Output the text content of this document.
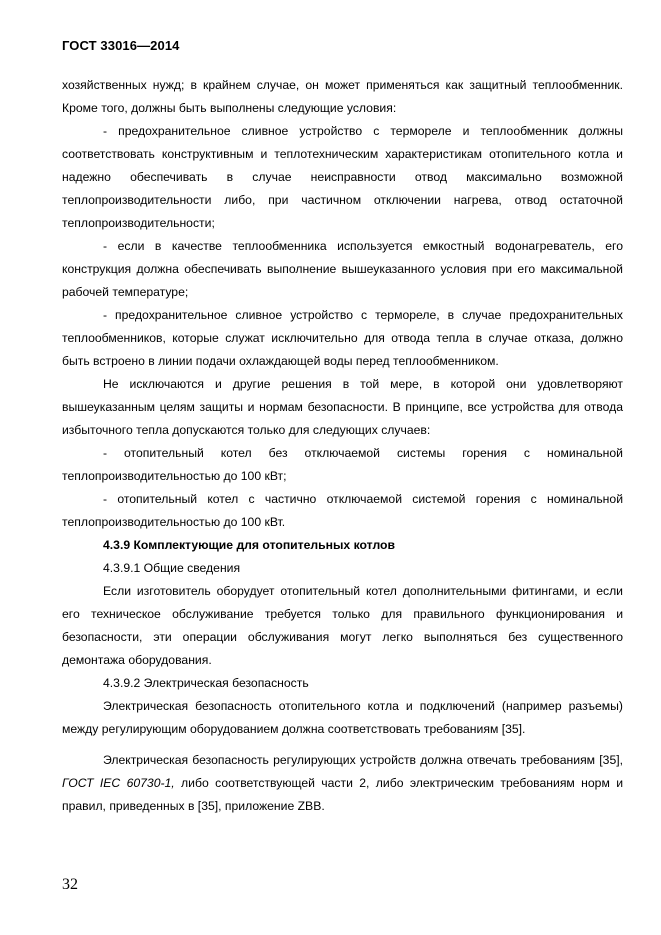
ГОСТ 33016—2014

хозяйственных нужд; в крайнем случае, он может применяться как защитный теплообменник. Кроме того, должны быть выполнены следующие условия:

- предохранительное сливное устройство с термореле и теплообменник должны соответствовать конструктивным и теплотехническим характеристикам отопительного котла и надежно обеспечивать в случае неисправности отвод максимально возможной теплопроизводительности либо, при частичном отключении нагрева, отвод остаточной теплопроизводительности;

- если в качестве теплообменника используется емкостный водонагреватель, его конструкция должна обеспечивать выполнение вышеуказанного условия при его максимальной рабочей температуре;

- предохранительное сливное устройство с термореле, в случае предохранительных теплообменников, которые служат исключительно для отвода тепла в случае отказа, должно быть встроено в линии подачи охлаждающей воды перед теплообменником.

Не исключаются и другие решения в той мере, в которой они удовлетворяют вышеуказанным целям защиты и нормам безопасности. В принципе, все устройства для отвода избыточного тепла допускаются только для следующих случаев:

- отопительный котел без отключаемой системы горения с номинальной теплопроизводительностью до 100 кВт;

- отопительный котел с частично отключаемой системой горения с номинальной теплопроизводительностью до 100 кВт.

4.3.9 Комплектующие для отопительных котлов

4.3.9.1 Общие сведения

Если изготовитель оборудует отопительный котел дополнительными фитингами, и если его техническое обслуживание требуется только для правильного функционирования и безопасности, эти операции обслуживания могут легко выполняться без существенного демонтажа оборудования.

4.3.9.2 Электрическая безопасность

Электрическая безопасность отопительного котла и подключений (например разъемы) между регулирующим оборудованием должна соответствовать требованиям [35].

Электрическая безопасность регулирующих устройств должна отвечать требованиям [35], ГОСТ IEC 60730-1, либо соответствующей части 2, либо электрическим требованиям норм и правил, приведенных в [35], приложение ZBB.

32
